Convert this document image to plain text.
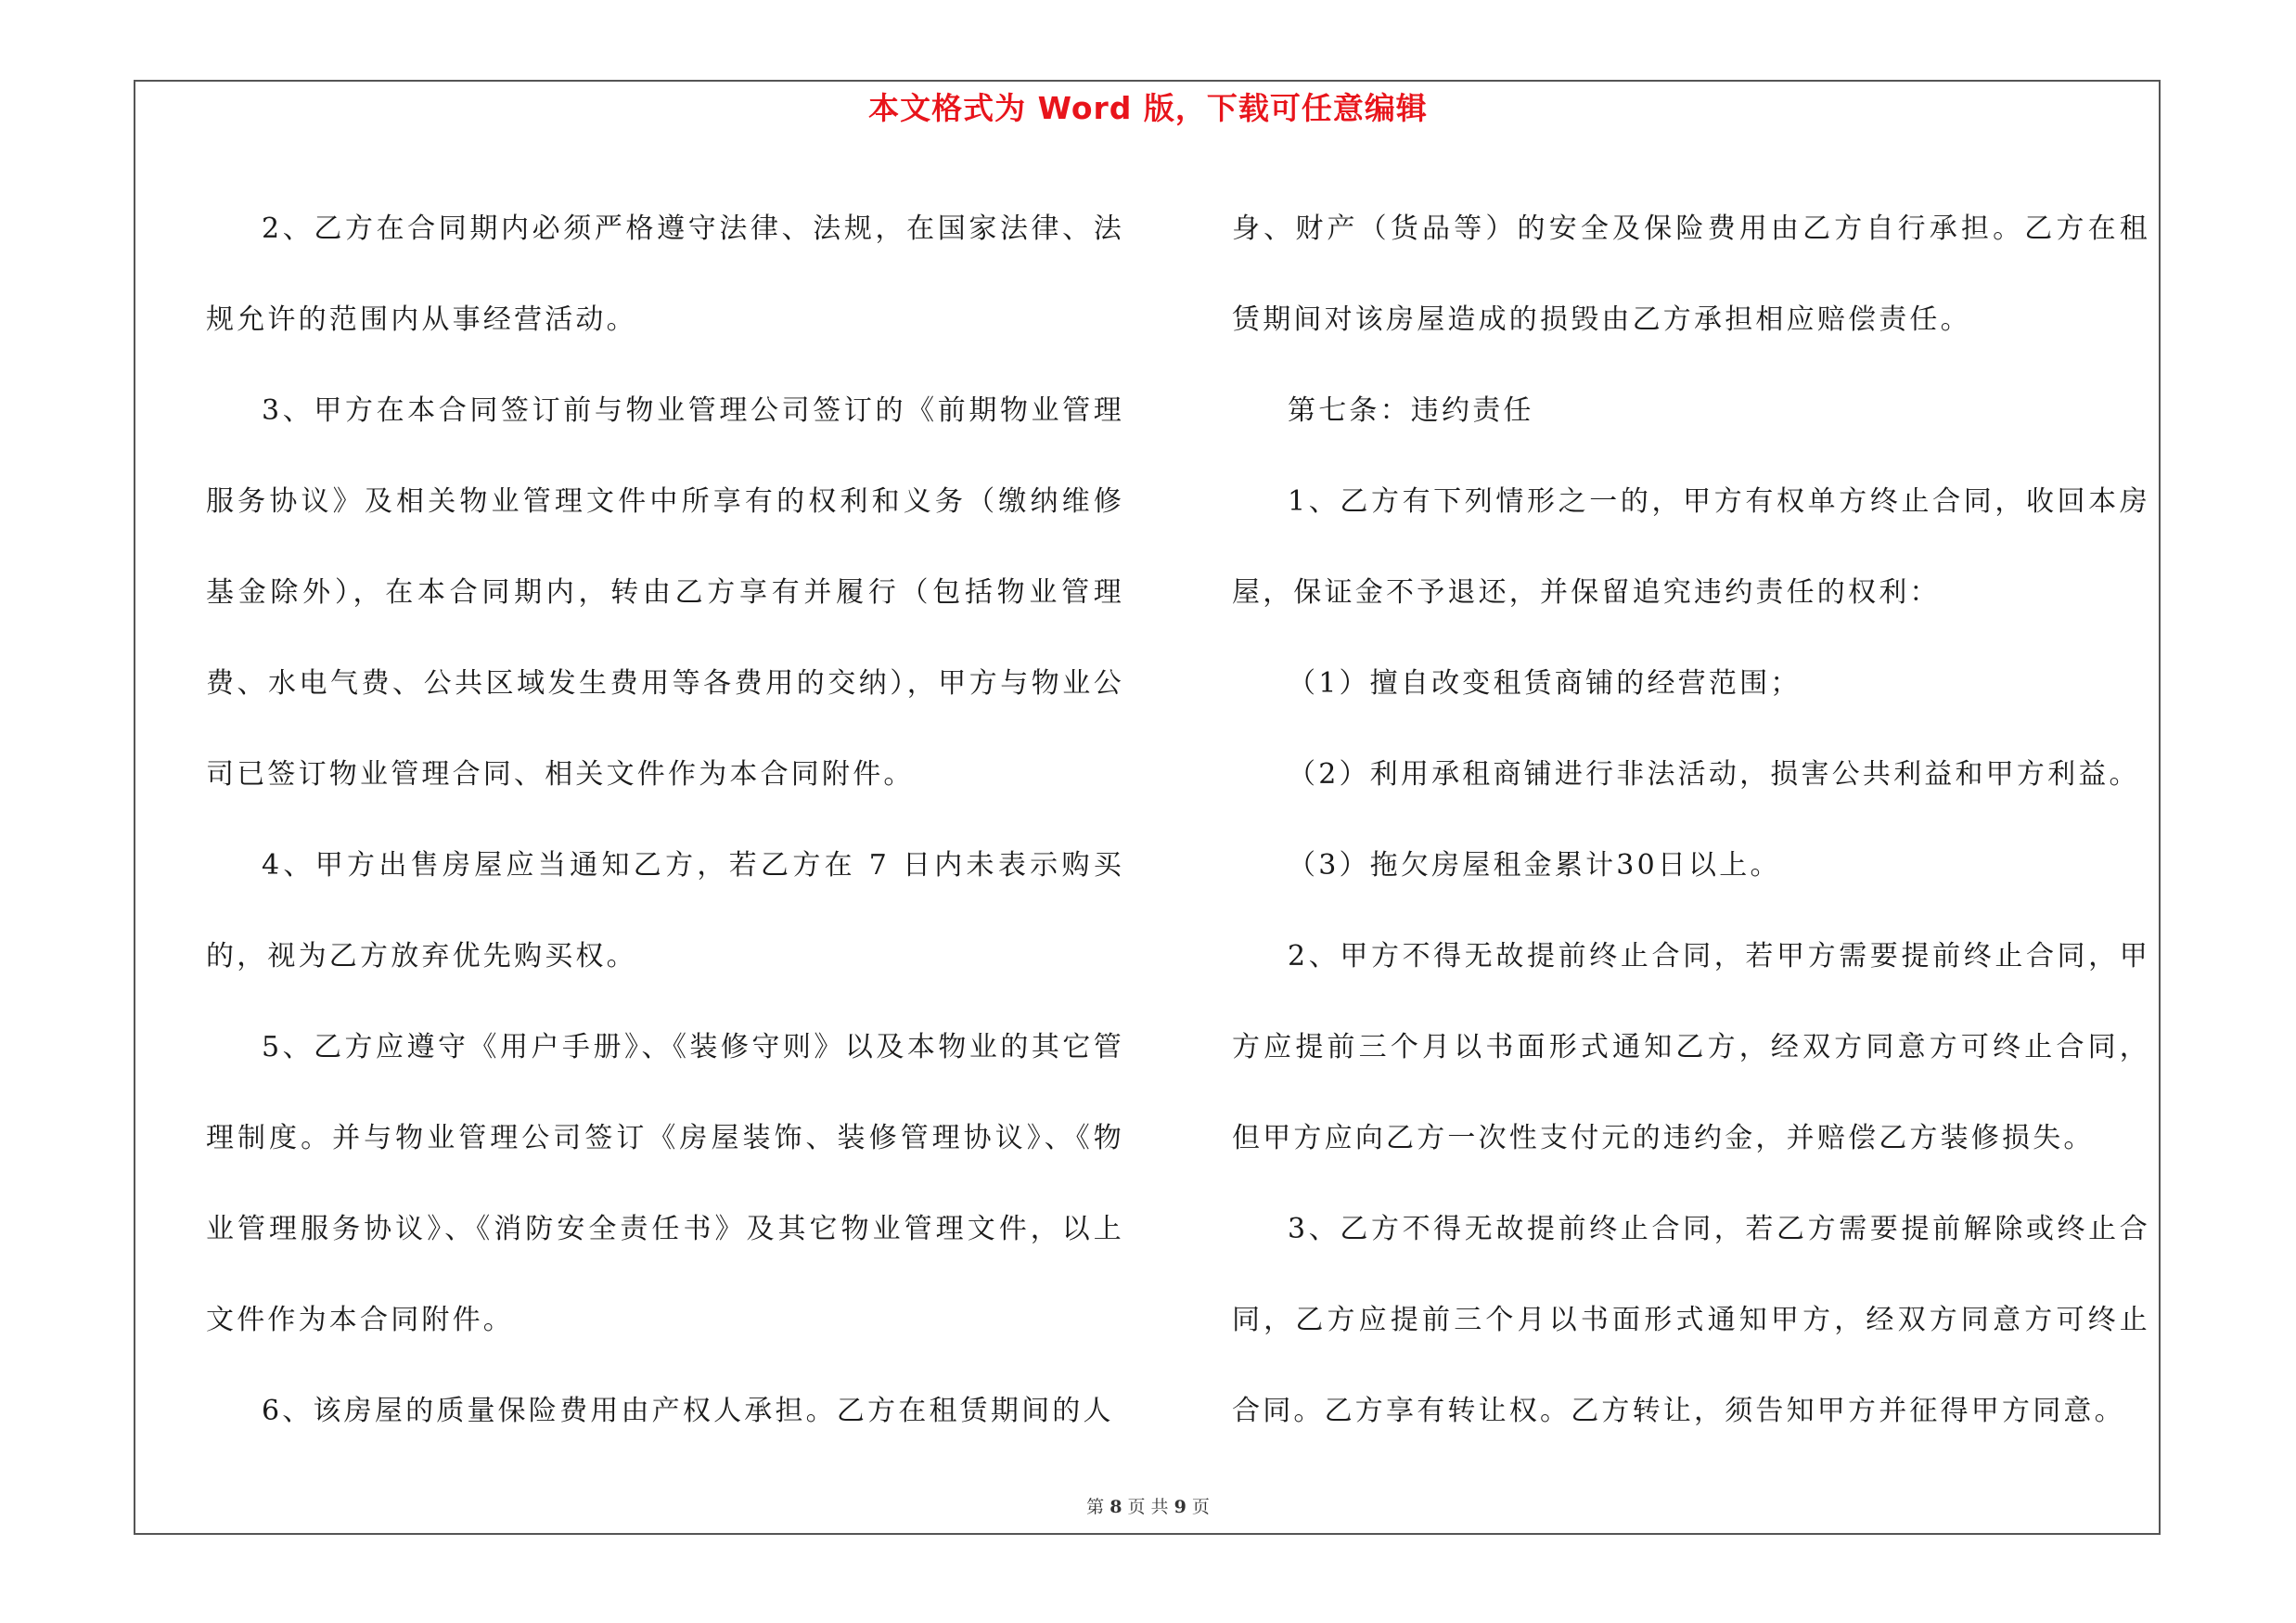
本文格式为 Word 版，下载可任意编辑

2、乙方在合同期内必须严格遵守法律、法规，在国家法律、法规允许的范围内从事经营活动。

3、甲方在本合同签订前与物业管理公司签订的《前期物业管理服务协议》及相关物业管理文件中所享有的权利和义务（缴纳维修基金除外），在本合同期内，转由乙方享有并履行（包括物业管理费、水电气费、公共区域发生费用等各费用的交纳），甲方与物业公司已签订物业管理合同、相关文件作为本合同附件。

4、甲方出售房屋应当通知乙方，若乙方在 7 日内未表示购买的，视为乙方放弃优先购买权。

5、乙方应遵守《用户手册》、《装修守则》以及本物业的其它管理制度。并与物业管理公司签订《房屋装饰、装修管理协议》、《物业管理服务协议》、《消防安全责任书》及其它物业管理文件，以上文件作为本合同附件。

6、该房屋的质量保险费用由产权人承担。乙方在租赁期间的人

身、财产（货品等）的安全及保险费用由乙方自行承担。乙方在租赁期间对该房屋造成的损毁由乙方承担相应赔偿责任。

第七条：违约责任

1、乙方有下列情形之一的，甲方有权单方终止合同，收回本房屋，保证金不予退还，并保留追究违约责任的权利：

（1）擅自改变租赁商铺的经营范围；

（2）利用承租商铺进行非法活动，损害公共利益和甲方利益。

（3）拖欠房屋租金累计30日以上。

2、甲方不得无故提前终止合同，若甲方需要提前终止合同，甲方应提前三个月以书面形式通知乙方，经双方同意方可终止合同，但甲方应向乙方一次性支付元的违约金，并赔偿乙方装修损失。

3、乙方不得无故提前终止合同，若乙方需要提前解除或终止合同，乙方应提前三个月以书面形式通知甲方，经双方同意方可终止合同。乙方享有转让权。乙方转让，须告知甲方并征得甲方同意。

第 8 页 共 9 页
